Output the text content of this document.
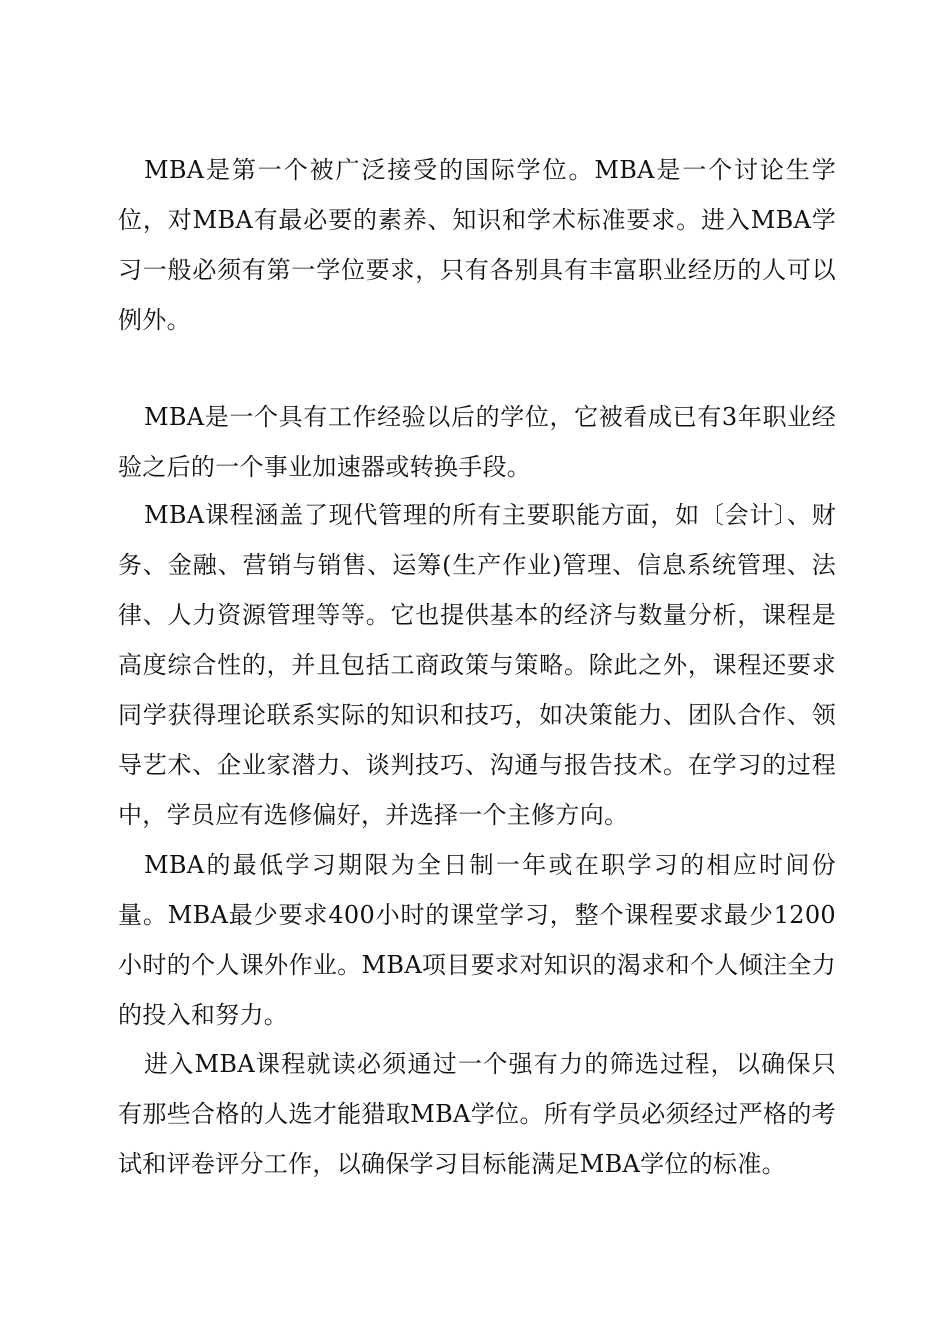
MBA是第一个被广泛接受的国际学位。MBA是一个讨论生学位，对MBA有最必要的素养、知识和学术标准要求。进入MBA学习一般必须有第一学位要求，只有各别具有丰富职业经历的人可以例外。

MBA是一个具有工作经验以后的学位，它被看成已有3年职业经验之后的一个事业加速器或转换手段。

MBA课程涵盖了现代管理的所有主要职能方面，如〔会计〕、财务、金融、营销与销售、运筹(生产作业)管理、信息系统管理、法律、人力资源管理等等。它也提供基本的经济与数量分析，课程是高度综合性的，并且包括工商政策与策略。除此之外，课程还要求同学获得理论联系实际的知识和技巧，如决策能力、团队合作、领导艺术、企业家潜力、谈判技巧、沟通与报告技术。在学习的过程中，学员应有选修偏好，并选择一个主修方向。

MBA的最低学习期限为全日制一年或在职学习的相应时间份量。MBA最少要求400小时的课堂学习，整个课程要求最少1200小时的个人课外作业。MBA项目要求对知识的渴求和个人倾注全力的投入和努力。

进入MBA课程就读必须通过一个强有力的筛选过程，以确保只有那些合格的人选才能猎取MBA学位。所有学员必须经过严格的考试和评卷评分工作，以确保学习目标能满足MBA学位的标准。
